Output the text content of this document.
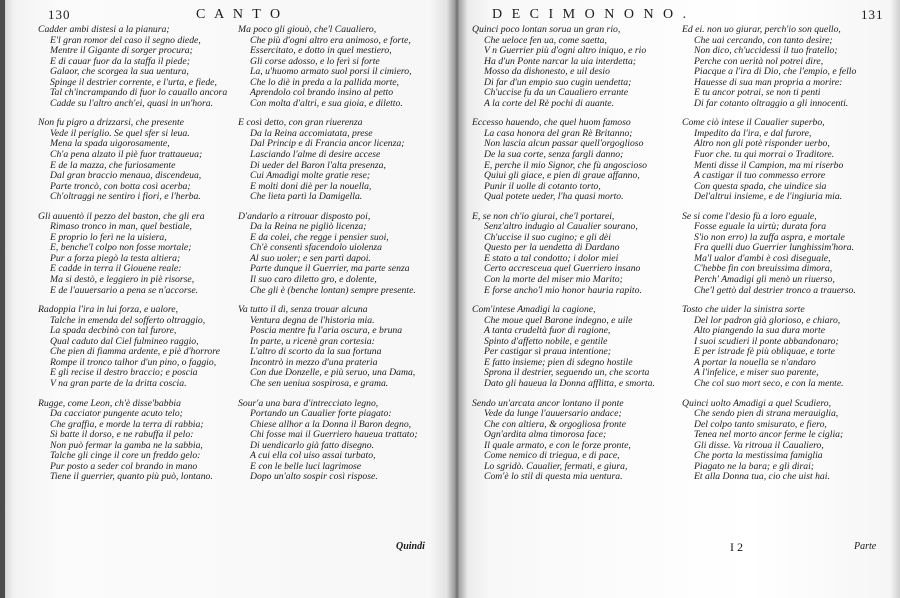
130	C A N T O
Cadder ambi distesi a la pianura;
E'l gran romor del caso il segno diede,
Mentre il Gigante di sorger procura;
E di cauar fuor da la staffa il piede;
Galaor, che scorgea la sua uentura,
Spinge il destrier corrente, e l'urta, e fiede,
Tal ch'incrampando di fuor lo cauallo ancora
Cadde su l'altro anch'ei, quasi in un'hora.
Non fu pigro a drizzarsi, che presente
Vede il periglio. Se quel sfer si leua.
Mena la spada uigorosamente,
Ch'a pena alzato il piè fuor trattaueua;
E de la mazza, che furiosamente
Dal gran braccio menaua, discendeua,
Parte troncò, con botta così acerba;
Ch'oltraggi ne sentiro i fiori, e l'herba.
Gli auuentò il pezzo del baston, che gli era
Rimaso tronco in man, quel bestiale,
E proprio lo ferì ne la uisiera,
E, benche'l colpo non fosse mortale;
Pur a forza piegò la testa altiera;
E cadde in terra il Giouene reale:
Ma si destò, e leggiero in piè risorse,
E de l'auuersario a pena se n'accorse.
Radoppia l'ira in lui forza, e ualore,
Talche in emenda del sofferto oltraggio,
La spada decbinò con tal furore,
Qual caduto dal Ciel fulmineo raggio,
Che pien di fiamma ardente, e piè d'horrore
Rompe il tronco talhor d'un pino, o faggio,
E gli recise il destro braccio; e poscia
V na gran parte de la dritta coscia.
Rugge, come Leon, ch'è disse'babbia
Da cacciator pungente acuto telo;
Che graffia, e morde la terra di rabbia;
Si batte il dorso, e ne rabuffa il pelo:
Non può fermar la gamba ne la sabbia,
Talche gli cinge il core un freddo gelo:
Pur posto a seder col brando in mano
Tiene il guerrier, quanto più può, lontano.
Ma poco gli giouò, che'l Caualiero,
Che più d'ogni altro era animoso, e forte,
Essercitato, e dotto in quel mestiero,
Gli corse adosso, e lo ferì si forte
La, u'huomo armato suol porsi il cimiero,
Che lo diè in preda a la pallida morte,
Aprendolo col brando insino al petto
Con molta d'altri, e sua gioia, e diletto.
E così detto, con gran riuerenza
Da la Reina accomiatata, prese
Dal Princip e di Francia ancor licenza;
Lasciando l'alme di desire accese
Di ueder del Baron l'alta presenza,
Cui Amadigi molte gratie rese;
E molti doni diè per la nouella,
Che lieta partì la Damigella.
D'andarlo a ritrouar disposto poi,
Da la Reina ne pigliò licenza;
E da colei, che regge i pensier suoi,
Ch'è consentì sfacendolo uiolenza
Al suo uoler; e sen partì dapoi.
Parte dunque il Guerrier, ma parte senza
Il suo caro diletto gro, e dolente,
Che gli è (benche lontan) sempre presente.
Va tutto il dì, senza trouar alcuna
Ventura degna de l'historia mia.
Poscia mentre fu l'aria oscura, e bruna
In parte, u ricenè gran cortesia:
L'altro di scorto da la sua fortuna
Incontrò in mezzo d'una prateria
Con due Donzelle, e più seruo, una Dama,
Che sen ueniua sospirosa, e grama.
Sour'a una bara d'intrecciato legno,
Portando un Caualier forte piagato:
Chiese allhor a la Donna il Baron degno,
Chi fosse mai il Guerriero haueua trattato;
Di uendicarlo già fatto disegno.
A cui ella col uiso assai turbato,
E con le belle luci lagrimose
Dopo un'alto sospir così rispose.
Quindi
D E C I M O N O N O .	131
Quinci poco lontan sorua un gran rio,
Che ueloce fen ua, come saetta,
V n Guerrier più d'ogni altro iniquo, e rio
Ha d'un Ponte narcar la uia interdetta;
Mosso da dishonesto, e uil desio
Di far d'un empio suo cugin uendetta;
Ch'uccise fu da un Caualiero errante
A la corte del Rè pochi di auante.
Eccesso hauendo, che quel huom famoso
La casa honora del gran Rè Britanno;
Non lascia alcun passar quell'orgoglioso
De la sua corte, senza fargli danno;
E, perche il mio Signor, che fù angoscioso
Quiui gli giace, e pien di graue affanno,
Punir il uolle di cotanto torto,
Qual potete ueder, l'ha quasi morto.
E, se non ch'io giurai, che'l portarei,
Senz'altro indugio al Caualier sourano,
Ch'uccise il suo cugino; e gli dèi
Questo per la uendetta di Dardano
E stato a tal condotto; i dolor miei
Certo accresceua quel Guerriero insano
Con la morte del miser mio Marito;
E forse ancho'l mio honor hauria rapito.
Com'intese Amadigi la cagione,
Che moue quel Barone indegno, e uile
A tanta crudeltà fuor di ragione,
Spinto d'affetto nobile, e gentile
Per castigar sì praua intentione;
E fatto insieme; pien di sdegno hostile
Sprona il destrier, seguendo un, che scorta
Dato gli haueua la Donna afflitta, e smorta.
Sendo un'arcata ancor lontano il ponte
Vede da lunge l'auuersario andace;
Che con altiera, & orgogliosa fronte
Ogn'ardita alma timorosa face;
Il quale armato, e con le forze pronte,
Come nemico di triegua, e di pace,
Lo sgridò. Caualier, fermati, e giura,
Com'è lo stil di questa mia uentura.
Ed ei. non uo giurar, perch'io son quello,
Che uai cercando, con tanto desire;
Non dico, ch'uccidessi il tuo fratello;
Perche con uerità nol potrei dire,
Piacque a l'ira di Dio, che l'empio, e fello
Hauesse di sua man propria a morire:
E tu ancor potrai, se non ti penti
Di far cotanto oltraggio a gli innocenti.
Come ciò intese il Caualier superbo,
Impedito da l'ira, e dal furore,
Altro non gli potè risponder uerbo,
Fuor che. tu qui morrai o Traditore.
Menti disse il Campion, ma mi riserbo
A castigar il tuo commesso errore
Con questa spada, che uindice sia
Del'altrui insieme, e de l'ingiuria mia.
Se si come l'desio fù a loro eguale,
Fosse eguale la uirtù; durata fora
S'io non erro) la zuffa aspra, e mortale
Fra quelli duo Guerrier lunghissim'hora.
Ma'l ualor d'ambi è così diseguale,
C'hebbe fin con breuissima dimora,
Perch' Amadigi gli menò un riuerso,
Che'l gettò dal destrier tronco a trauerso.
Tosto che uider la sinistra sorte
Del lor padron già glorioso, e chiaro,
Alto piangendo la sua dura morte
I suoi scudieri il ponte abbandonaro;
E per istrade fè più obliquae, e torte
A portar la nouella se n'andaro
A l'infelice, e miser suo parente,
Che col suo mort seco, e con la mente.
Quinci uolto Amadigi a quel Scudiero,
Che sendo pien di strana merauiglia,
Del colpo tanto smisurato, e fiero,
Tenea nel morto ancor ferme le ciglia;
Gli disse. Va ritroua il Caualiero,
Che porta la mestissima famiglia
Piagato ne la bara; e gli dirai;
Et alla Donna tua, cio che uist hai.
I 2	Parte
